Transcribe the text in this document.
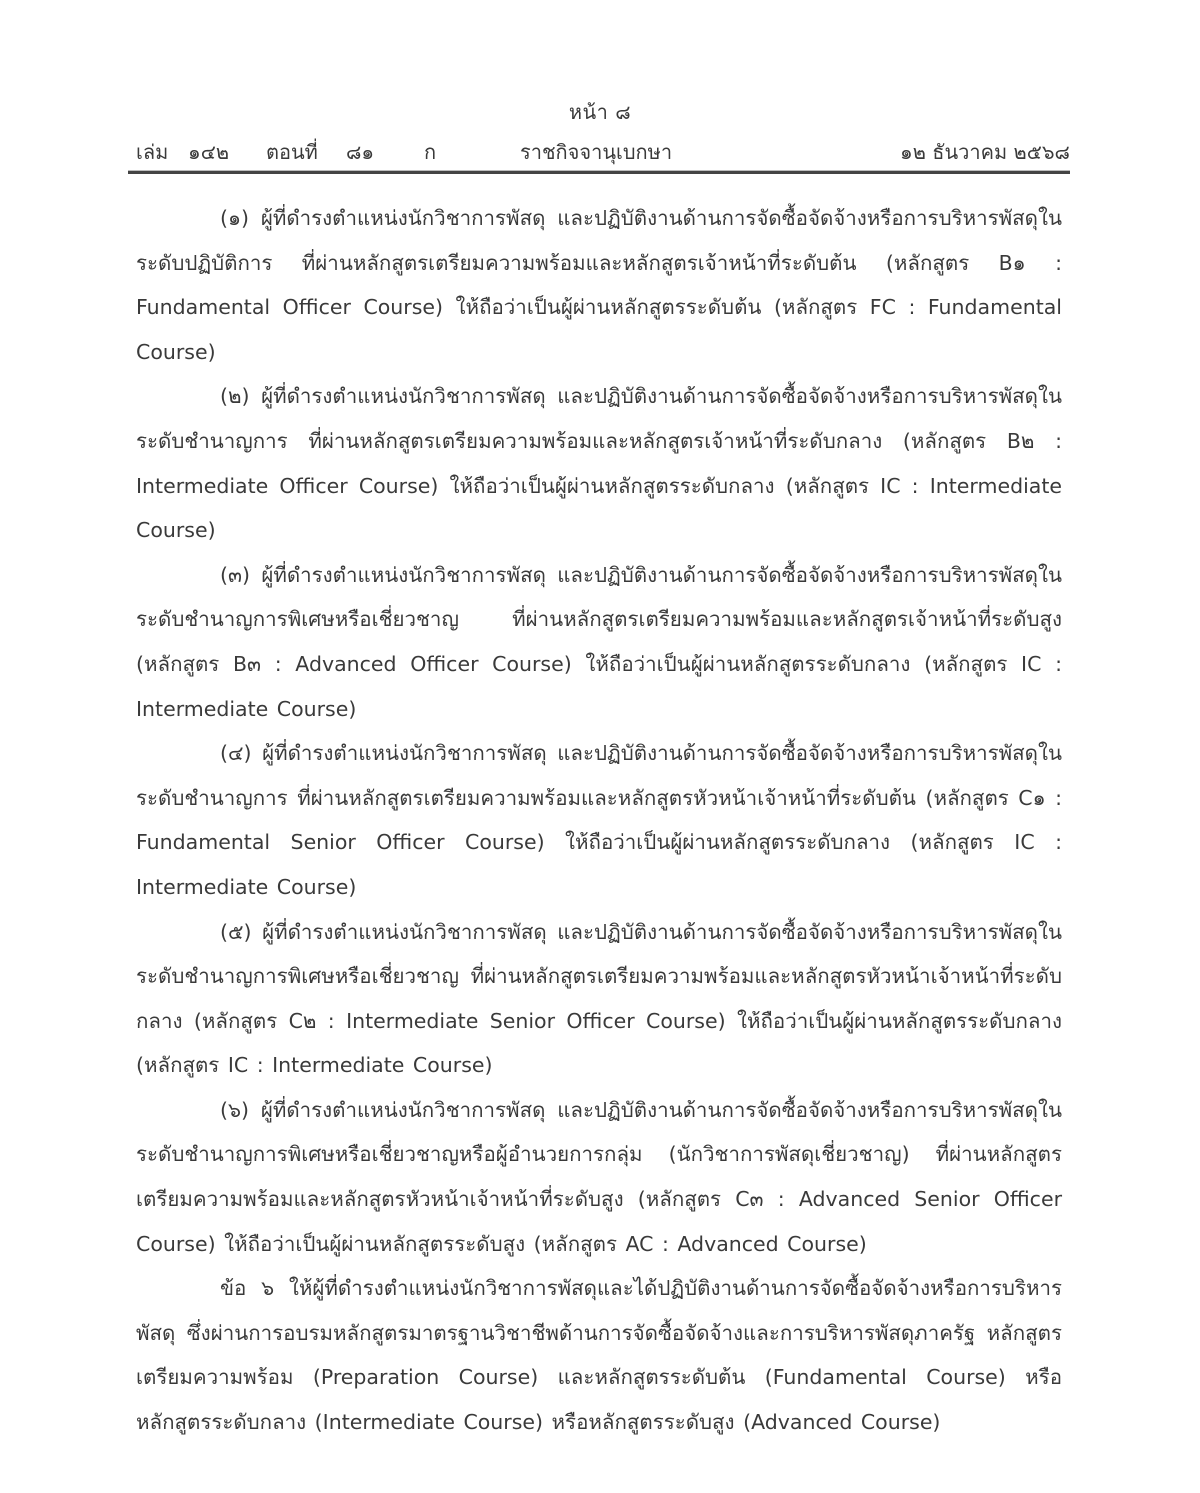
หน้า ๘
เล่ม ๑๔๒ ตอนที่ ๘๑ ก	ราชกิจจานุเบกษา	๑๒ ธันวาคม ๒๕๖๘

(๑) ผู้ที่ดำรงตำแหน่งนักวิชาการพัสดุ และปฏิบัติงานด้านการจัดซื้อจัดจ้างหรือการบริหารพัสดุในระดับปฏิบัติการ ที่ผ่านหลักสูตรเตรียมความพร้อมและหลักสูตรเจ้าหน้าที่ระดับต้น (หลักสูตร B๑ : Fundamental Officer Course) ให้ถือว่าเป็นผู้ผ่านหลักสูตรระดับต้น (หลักสูตร FC : Fundamental Course)

(๒) ผู้ที่ดำรงตำแหน่งนักวิชาการพัสดุ และปฏิบัติงานด้านการจัดซื้อจัดจ้างหรือการบริหารพัสดุในระดับชำนาญการ ที่ผ่านหลักสูตรเตรียมความพร้อมและหลักสูตรเจ้าหน้าที่ระดับกลาง (หลักสูตร B๒ : Intermediate Officer Course) ให้ถือว่าเป็นผู้ผ่านหลักสูตรระดับกลาง (หลักสูตร IC : Intermediate Course)

(๓) ผู้ที่ดำรงตำแหน่งนักวิชาการพัสดุ และปฏิบัติงานด้านการจัดซื้อจัดจ้างหรือการบริหารพัสดุในระดับชำนาญการพิเศษหรือเชี่ยวชาญ ที่ผ่านหลักสูตรเตรียมความพร้อมและหลักสูตรเจ้าหน้าที่ระดับสูง (หลักสูตร B๓ : Advanced Officer Course) ให้ถือว่าเป็นผู้ผ่านหลักสูตรระดับกลาง (หลักสูตร IC : Intermediate Course)

(๔) ผู้ที่ดำรงตำแหน่งนักวิชาการพัสดุ และปฏิบัติงานด้านการจัดซื้อจัดจ้างหรือการบริหารพัสดุในระดับชำนาญการ ที่ผ่านหลักสูตรเตรียมความพร้อมและหลักสูตรหัวหน้าเจ้าหน้าที่ระดับต้น (หลักสูตร C๑ : Fundamental Senior Officer Course) ให้ถือว่าเป็นผู้ผ่านหลักสูตรระดับกลาง (หลักสูตร IC : Intermediate Course)

(๕) ผู้ที่ดำรงตำแหน่งนักวิชาการพัสดุ และปฏิบัติงานด้านการจัดซื้อจัดจ้างหรือการบริหารพัสดุในระดับชำนาญการพิเศษหรือเชี่ยวชาญ ที่ผ่านหลักสูตรเตรียมความพร้อมและหลักสูตรหัวหน้าเจ้าหน้าที่ระดับกลาง (หลักสูตร C๒ : Intermediate Senior Officer Course) ให้ถือว่าเป็นผู้ผ่านหลักสูตรระดับกลาง (หลักสูตร IC : Intermediate Course)

(๖) ผู้ที่ดำรงตำแหน่งนักวิชาการพัสดุ และปฏิบัติงานด้านการจัดซื้อจัดจ้างหรือการบริหารพัสดุในระดับชำนาญการพิเศษหรือเชี่ยวชาญหรือผู้อำนวยการกลุ่ม (นักวิชาการพัสดุเชี่ยวชาญ) ที่ผ่านหลักสูตรเตรียมความพร้อมและหลักสูตรหัวหน้าเจ้าหน้าที่ระดับสูง (หลักสูตร C๓ : Advanced Senior Officer Course) ให้ถือว่าเป็นผู้ผ่านหลักสูตรระดับสูง (หลักสูตร AC : Advanced Course)

ข้อ ๖ ให้ผู้ที่ดำรงตำแหน่งนักวิชาการพัสดุและได้ปฏิบัติงานด้านการจัดซื้อจัดจ้างหรือการบริหารพัสดุ ซึ่งผ่านการอบรมหลักสูตรมาตรฐานวิชาชีพด้านการจัดซื้อจัดจ้างและการบริหารพัสดุภาครัฐ หลักสูตรเตรียมความพร้อม (Preparation Course) และหลักสูตรระดับต้น (Fundamental Course) หรือหลักสูตรระดับกลาง (Intermediate Course) หรือหลักสูตรระดับสูง (Advanced Course)
